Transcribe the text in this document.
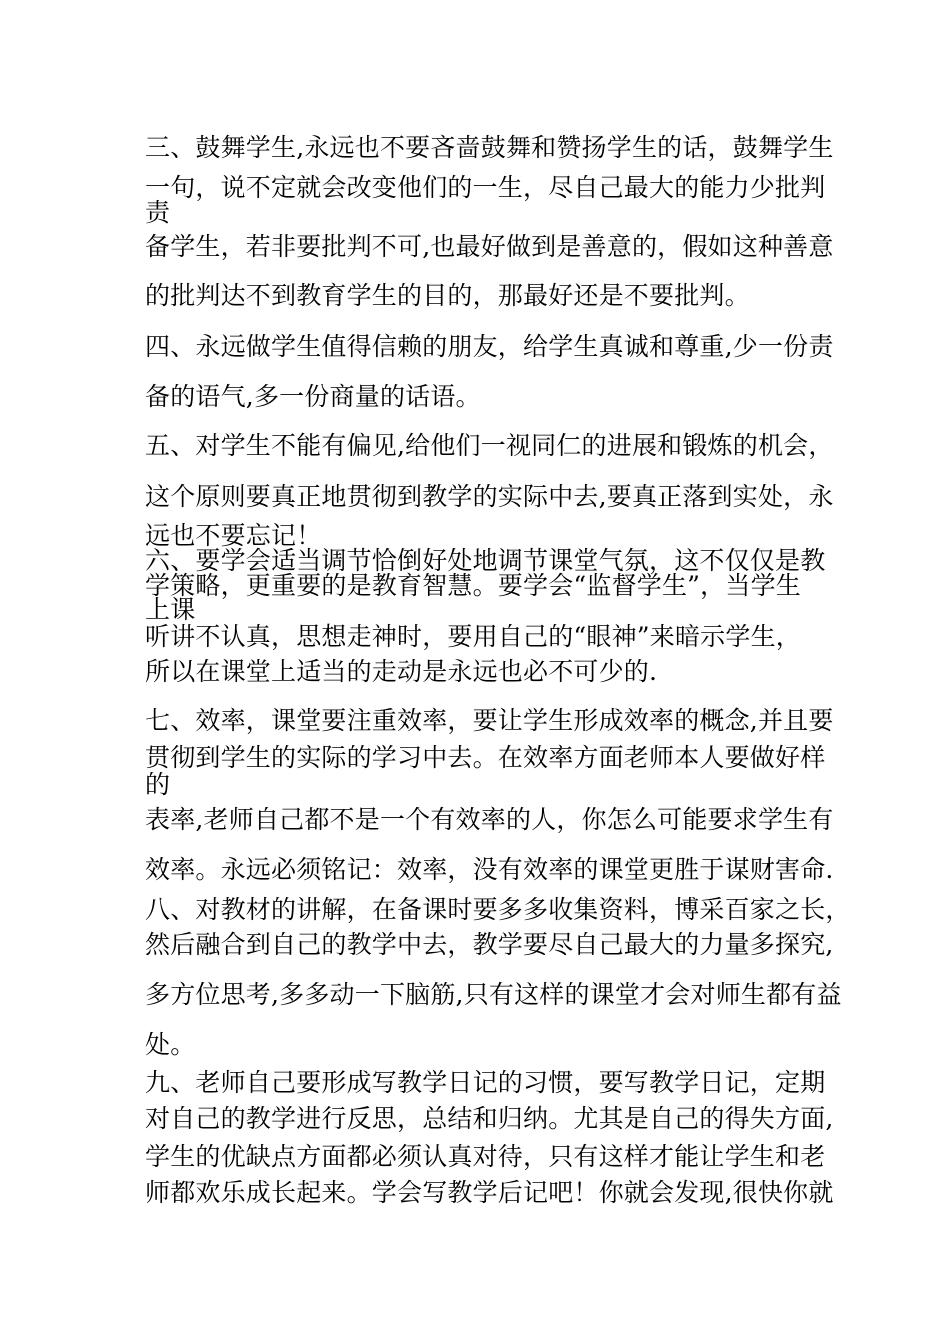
三、鼓舞学生,永远也不要吝啬鼓舞和赞扬学生的话，鼓舞学生
一句，说不定就会改变他们的一生，尽自己最大的能力少批判
责
备学生，若非要批判不可,也最好做到是善意的，假如这种善意
的批判达不到教育学生的目的，那最好还是不要批判。
四、永远做学生值得信赖的朋友，给学生真诚和尊重,少一份责
备的语气,多一份商量的话语。
五、对学生不能有偏见,给他们一视同仁的进展和锻炼的机会，
这个原则要真正地贯彻到教学的实际中去,要真正落到实处，永
远也不要忘记！
六、要学会适当调节恰倒好处地调节课堂气氛，这不仅仅是教
学策略，更重要的是教育智慧。要学会“监督学生”，当学生
上课
听讲不认真，思想走神时，要用自己的“眼神”来暗示学生，
所以在课堂上适当的走动是永远也必不可少的.
七、效率，课堂要注重效率，要让学生形成效率的概念,并且要
贯彻到学生的实际的学习中去。在效率方面老师本人要做好样
的
表率,老师自己都不是一个有效率的人，你怎么可能要求学生有
效率。永远必须铭记：效率，没有效率的课堂更胜于谋财害命.
八、对教材的讲解，在备课时要多多收集资料，博采百家之长，
然后融合到自己的教学中去，教学要尽自己最大的力量多探究,
多方位思考,多多动一下脑筋,只有这样的课堂才会对师生都有益
处。
九、老师自己要形成写教学日记的习惯，要写教学日记，定期
对自己的教学进行反思，总结和归纳。尤其是自己的得失方面,
学生的优缺点方面都必须认真对待，只有这样才能让学生和老
师都欢乐成长起来。学会写教学后记吧！你就会发现,很快你就
